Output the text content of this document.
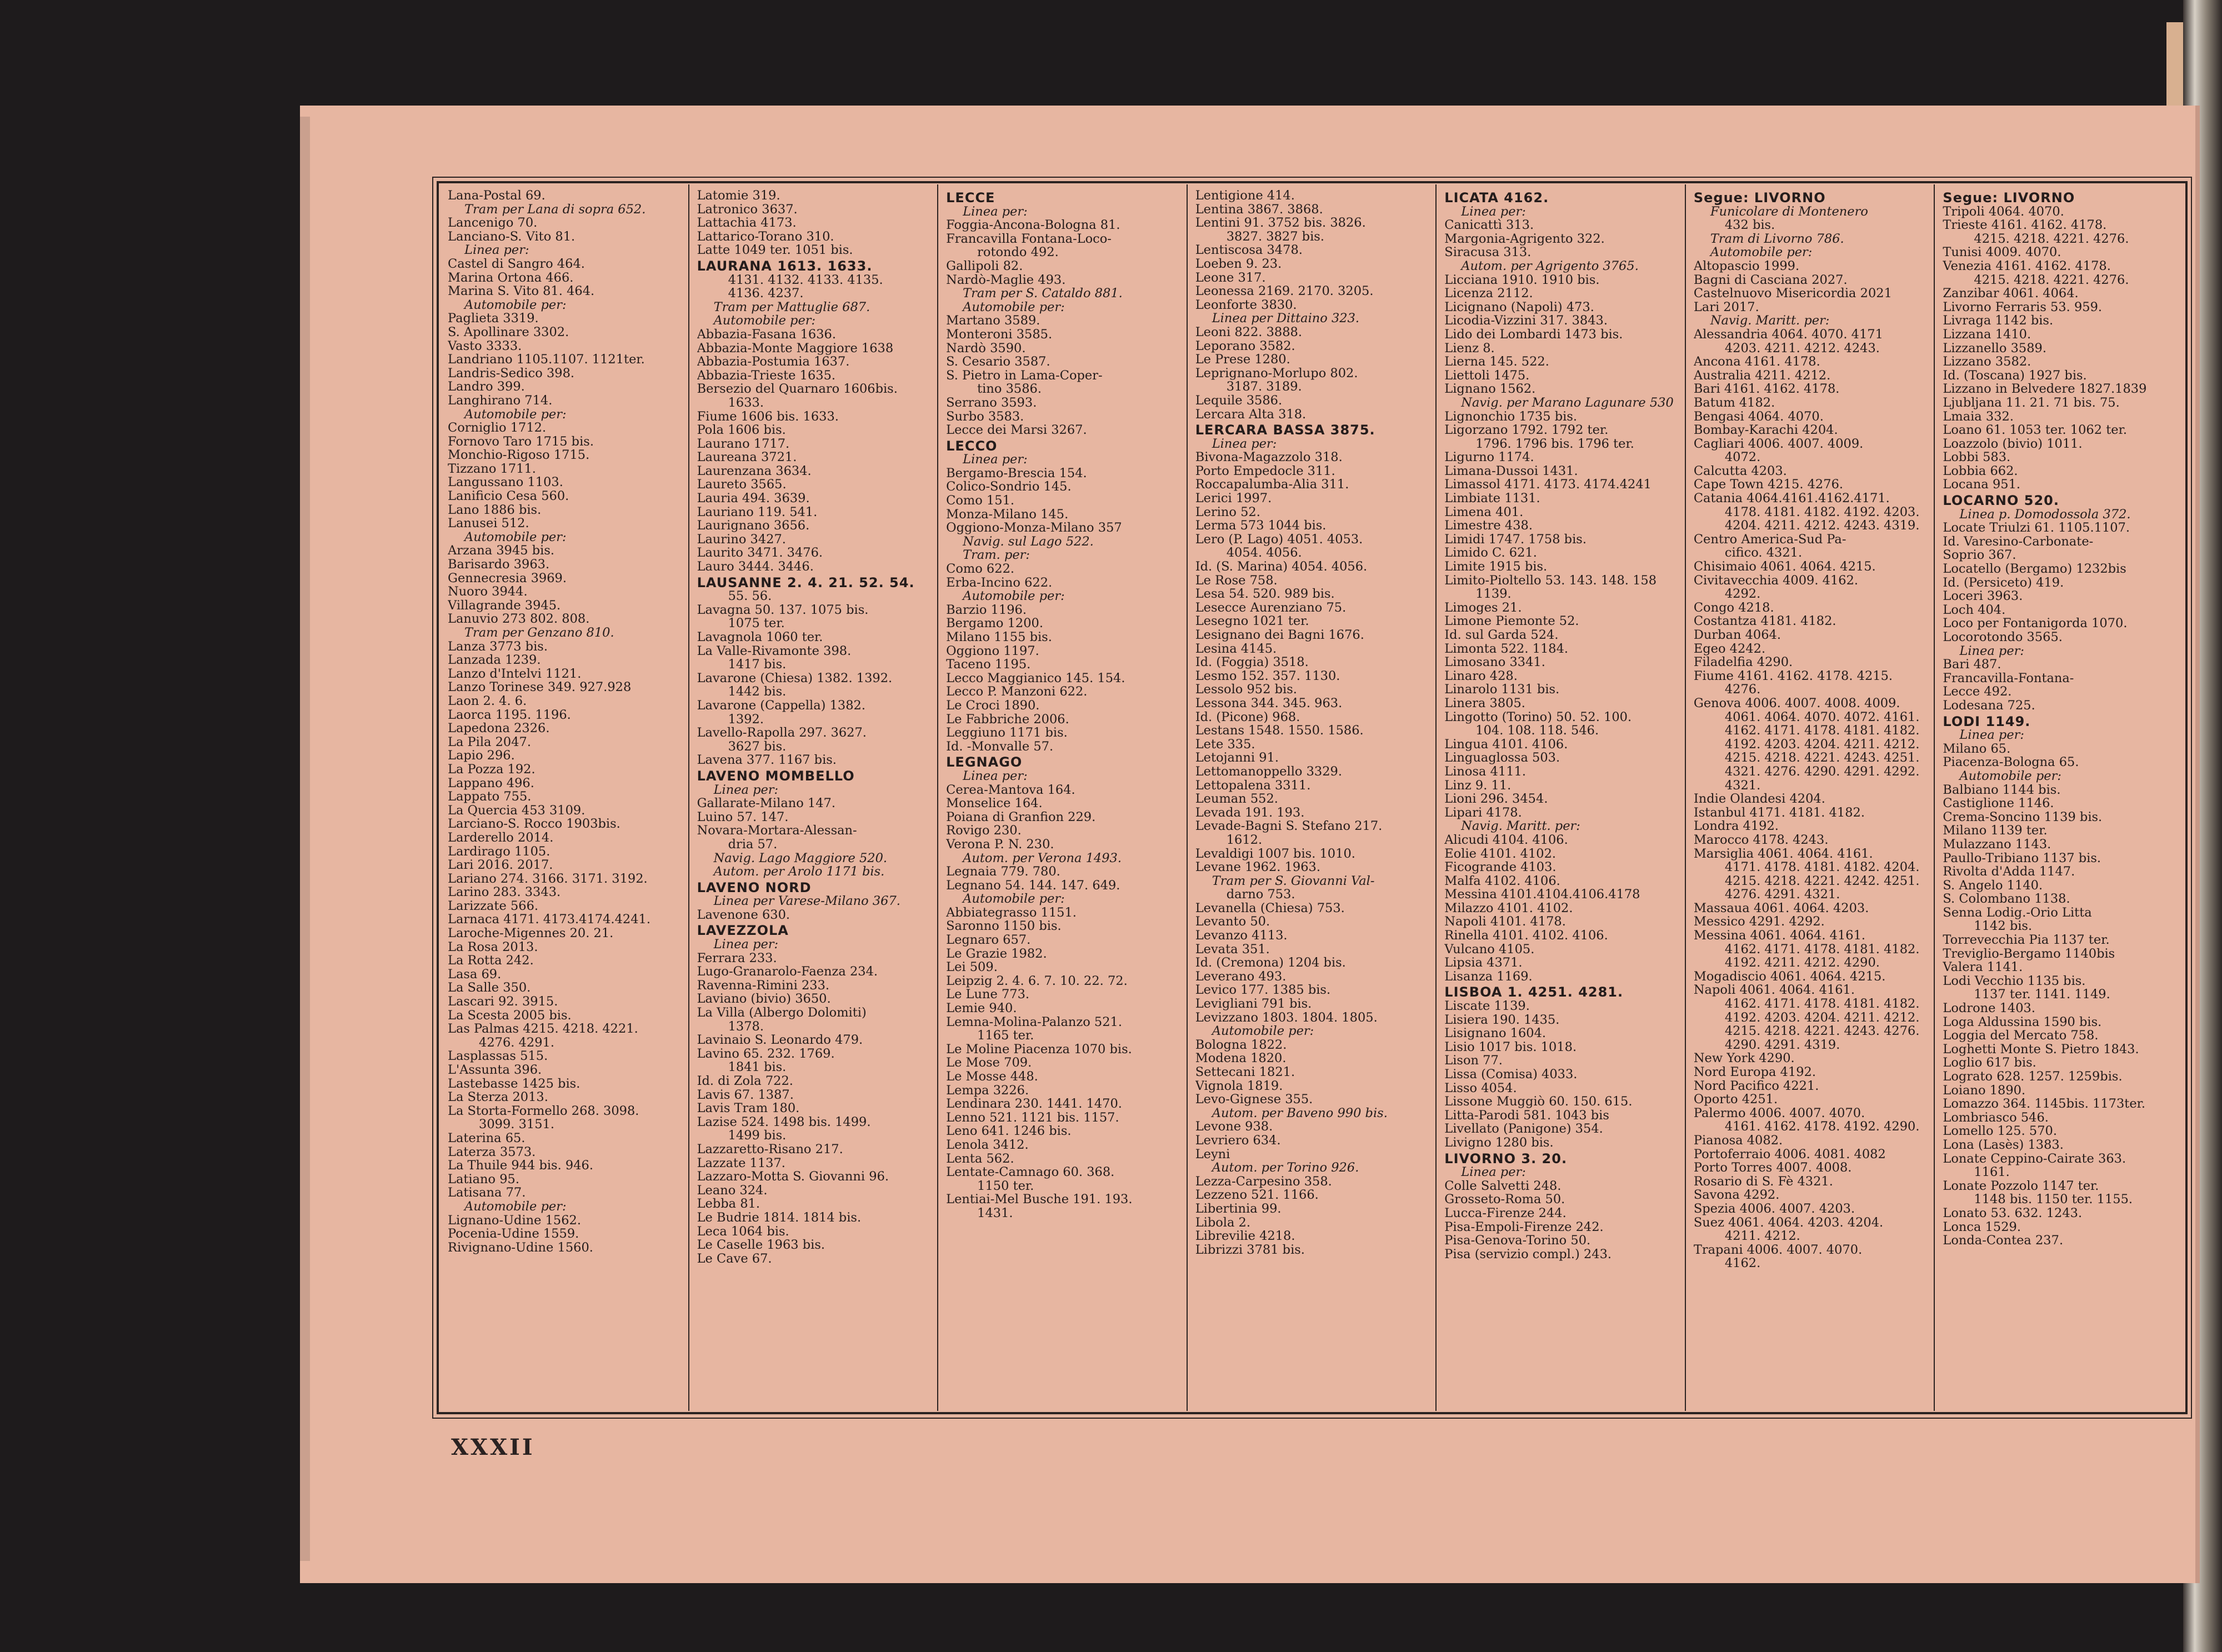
Lana-Postal 69.
Tram per Lana di sopra 652.
Lancenigo 70.
Lanciano-S. Vito 81.
Linea per:
Castel di Sangro 464.
Marina Ortona 466.
Marina S. Vito 81. 464.
Automobile per:
Paglieta 3319.
S. Apollinare 3302.
Vasto 3333.
Landriano 1105.1107. 1121ter.
Landris-Sedico 398.
Landro 399.
Langhirano 714.
Automobile per:
Corniglio 1712.
Fornovo Taro 1715 bis.
Monchio-Rigoso 1715.
Tizzano 1711.
Langussano 1103.
Lanificio Cesa 560.
Lano 1886 bis.
Lanusei 512.
Automobile per:
Arzana 3945 bis.
Barisardo 3963.
Gennecresia 3969.
Nuoro 3944.
Villagrande 3945.
Lanuvio 273 802. 808.
Tram per Genzano 810.
Lanza 3773 bis.
Lanzada 1239.
Lanzo d'Intelvi 1121.
Lanzo Torinese 349. 927.928
Laon 2. 4. 6.
Laorca 1195. 1196.
Lapedona 2326.
La Pila 2047.
Lapio 296.
La Pozza 192.
Lappano 496.
Lappato 755.
La Quercia 453 3109.
Larciano-S. Rocco 1903bis.
Larderello 2014.
Lardirago 1105.
Lari 2016. 2017.
Lariano 274. 3166. 3171. 3192.
Larino 283. 3343.
Larizzate 566.
Larnaca 4171. 4173.4174.4241.
Laroche-Migennes 20. 21.
La Rosa 2013.
La Rotta 242.
Lasa 69.
La Salle 350.
Lascari 92. 3915.
La Scesta 2005 bis.
Las Palmas 4215. 4218. 4221.
4276. 4291.
Lasplassas 515.
L'Assunta 396.
Lastebasse 1425 bis.
La Sterza 2013.
La Storta-Formello 268. 3098.
3099. 3151.
Laterina 65.
Laterza 3573.
La Thuile 944 bis. 946.
Latiano 95.
Latisana 77.
Automobile per:
Lignano-Udine 1562.
Pocenia-Udine 1559.
Rivignano-Udine 1560.
Latomie 319.
Latronico 3637.
Lattachia 4173.
Lattarico-Torano 310.
Latte 1049 ter. 1051 bis.
LAURANA 1613. 1633.
4131. 4132. 4133. 4135.
4136. 4237.
Tram per Mattuglie 687.
Automobile per:
Abbazia-Fasana 1636.
Abbazia-Monte Maggiore 1638
Abbazia-Postumia 1637.
Abbazia-Trieste 1635.
Bersezio del Quarnaro 1606bis.
1633.
Fiume 1606 bis. 1633.
Pola 1606 bis.
Laurano 1717.
Laureana 3721.
Laurenzana 3634.
Laureto 3565.
Lauria 494. 3639.
Lauriano 119. 541.
Laurignano 3656.
Laurino 3427.
Laurito 3471. 3476.
Lauro 3444. 3446.
LAUSANNE 2. 4. 21. 52. 54.
55. 56.
Lavagna 50. 137. 1075 bis.
1075 ter.
Lavagnola 1060 ter.
La Valle-Rivamonte 398.
1417 bis.
Lavarone (Chiesa) 1382. 1392.
1442 bis.
Lavarone (Cappella) 1382.
1392.
Lavello-Rapolla 297. 3627.
3627 bis.
Lavena 377. 1167 bis.
LAVENO MOMBELLO
Linea per:
Gallarate-Milano 147.
Luino 57. 147.
Novara-Mortara-Alessan-
dria 57.
Navig. Lago Maggiore 520.
Autom. per Arolo 1171 bis.
LAVENO NORD
Linea per Varese-Milano 367.
Lavenone 630.
LAVEZZOLA
Linea per:
Ferrara 233.
Lugo-Granarolo-Faenza 234.
Ravenna-Rimini 233.
Laviano (bivio) 3650.
La Villa (Albergo Dolomiti)
1378.
Lavinaio S. Leonardo 479.
Lavino 65. 232. 1769.
1841 bis.
Id. di Zola 722.
Lavis 67. 1387.
Lavis Tram 180.
Lazise 524. 1498 bis. 1499.
1499 bis.
Lazzaretto-Risano 217.
Lazzate 1137.
Lazzaro-Motta S. Giovanni 96.
Leano 324.
Lebba 81.
Le Budrie 1814. 1814 bis.
Leca 1064 bis.
Le Caselle 1963 bis.
Le Cave 67.
LECCE
Linea per:
Foggia-Ancona-Bologna 81.
Francavilla Fontana-Loco-
rotondo 492.
Gallipoli 82.
Nardò-Maglie 493.
Tram per S. Cataldo 881.
Automobile per:
Martano 3589.
Monteroni 3585.
Nardò 3590.
S. Cesario 3587.
S. Pietro in Lama-Coper-
tino 3586.
Serrano 3593.
Surbo 3583.
Lecce dei Marsi 3267.
LECCO
Linea per:
Bergamo-Brescia 154.
Colico-Sondrio 145.
Como 151.
Monza-Milano 145.
Oggiono-Monza-Milano 357
Navig. sul Lago 522.
Tram. per:
Como 622.
Erba-Incino 622.
Automobile per:
Barzio 1196.
Bergamo 1200.
Milano 1155 bis.
Oggiono 1197.
Taceno 1195.
Lecco Maggianico 145. 154.
Lecco P. Manzoni 622.
Le Croci 1890.
Le Fabbriche 2006.
Leggiuno 1171 bis.
Id. -Monvalle 57.
LEGNAGO
Linea per:
Cerea-Mantova 164.
Monselice 164.
Poiana di Granfion 229.
Rovigo 230.
Verona P. N. 230.
Autom. per Verona 1493.
Legnaia 779. 780.
Legnano 54. 144. 147. 649.
Automobile per:
Abbiategrasso 1151.
Saronno 1150 bis.
Legnaro 657.
Le Grazie 1982.
Lei 509.
Leipzig 2. 4. 6. 7. 10. 22. 72.
Le Lune 773.
Lemie 940.
Lemna-Molina-Palanzo 521.
1165 ter.
Le Moline Piacenza 1070 bis.
Le Mose 709.
Le Mosse 448.
Lempa 3226.
Lendinara 230. 1441. 1470.
Lenno 521. 1121 bis. 1157.
Leno 641. 1246 bis.
Lenola 3412.
Lenta 562.
Lentate-Camnago 60. 368.
1150 ter.
Lentiai-Mel Busche 191. 193.
1431.
Lentigione 414.
Lentina 3867. 3868.
Lentini 91. 3752 bis. 3826.
3827. 3827 bis.
Lentiscosa 3478.
Loeben 9. 23.
Leone 317.
Leonessa 2169. 2170. 3205.
Leonforte 3830.
Linea per Dittaino 323.
Leoni 822. 3888.
Leporano 3582.
Le Prese 1280.
Leprignano-Morlupo 802.
3187. 3189.
Lequile 3586.
Lercara Alta 318.
LERCARA BASSA 3875.
Linea per:
Bivona-Magazzolo 318.
Porto Empedocle 311.
Roccapalumba-Alia 311.
Lerici 1997.
Lerino 52.
Lerma 573 1044 bis.
Lero (P. Lago) 4051. 4053.
4054. 4056.
Id. (S. Marina) 4054. 4056.
Le Rose 758.
Lesa 54. 520. 989 bis.
Lesecce Aurenziano 75.
Lesegno 1021 ter.
Lesignano dei Bagni 1676.
Lesina 4145.
Id. (Foggia) 3518.
Lesmo 152. 357. 1130.
Lessolo 952 bis.
Lessona 344. 345. 963.
Id. (Picone) 968.
Lestans 1548. 1550. 1586.
Lete 335.
Letojanni 91.
Lettomanoppello 3329.
Lettopalena 3311.
Leuman 552.
Levada 191. 193.
Levade-Bagni S. Stefano 217.
1612.
Levaldigi 1007 bis. 1010.
Levane 1962. 1963.
Tram per S. Giovanni Val-
darno 753.
Levanella (Chiesa) 753.
Levanto 50.
Levanzo 4113.
Levata 351.
Id. (Cremona) 1204 bis.
Leverano 493.
Levico 177. 1385 bis.
Levigliani 791 bis.
Levizzano 1803. 1804. 1805.
Automobile per:
Bologna 1822.
Modena 1820.
Settecani 1821.
Vignola 1819.
Levo-Gignese 355.
Autom. per Baveno 990 bis.
Levone 938.
Levriero 634.
Leyni
Autom. per Torino 926.
Lezza-Carpesino 358.
Lezzeno 521. 1166.
Libertinia 99.
Libola 2.
Librevilie 4218.
Librizzi 3781 bis.
LICATA 4162.
Linea per:
Canicattì 313.
Margonia-Agrigento 322.
Siracusa 313.
Autom. per Agrigento 3765.
Licciana 1910. 1910 bis.
Licenza 2112.
Licignano (Napoli) 473.
Licodia-Vizzini 317. 3843.
Lido dei Lombardi 1473 bis.
Lienz 8.
Lierna 145. 522.
Liettoli 1475.
Lignano 1562.
Navig. per Marano Lagunare 530
Lignonchio 1735 bis.
Ligorzano 1792. 1792 ter.
1796. 1796 bis. 1796 ter.
Ligurno 1174.
Limana-Dussoi 1431.
Limassol 4171. 4173. 4174.4241
Limbiate 1131.
Limena 401.
Limestre 438.
Limidi 1747. 1758 bis.
Limido C. 621.
Limite 1915 bis.
Limito-Pioltello 53. 143. 148. 158
1139.
Limoges 21.
Limone Piemonte 52.
Id. sul Garda 524.
Limonta 522. 1184.
Limosano 3341.
Linaro 428.
Linarolo 1131 bis.
Linera 3805.
Lingotto (Torino) 50. 52. 100.
104. 108. 118. 546.
Lingua 4101. 4106.
Linguaglossa 503.
Linosa 4111.
Linz 9. 11.
Lioni 296. 3454.
Lipari 4178.
Navig. Maritt. per:
Alicudi 4104. 4106.
Eolie 4101. 4102.
Ficogrande 4103.
Malfa 4102. 4106.
Messina 4101.4104.4106.4178
Milazzo 4101. 4102.
Napoli 4101. 4178.
Rinella 4101. 4102. 4106.
Vulcano 4105.
Lipsia 4371.
Lisanza 1169.
LISBOA 1. 4251. 4281.
Liscate 1139.
Lisiera 190. 1435.
Lisignano 1604.
Lisio 1017 bis. 1018.
Lison 77.
Lissa (Comisa) 4033.
Lisso 4054.
Lissone Muggiò 60. 150. 615.
Litta-Parodi 581. 1043 bis
Livellato (Panigone) 354.
Livigno 1280 bis.
LIVORNO 3. 20.
Linea per:
Colle Salvetti 248.
Grosseto-Roma 50.
Lucca-Firenze 244.
Pisa-Empoli-Firenze 242.
Pisa-Genova-Torino 50.
Pisa (servizio compl.) 243.
Segue: LIVORNO
Funicolare di Montenero
432 bis.
Tram di Livorno 786.
Automobile per:
Altopascio 1999.
Bagni di Casciana 2027.
Castelnuovo Misericordia 2021
Lari 2017.
Navig. Maritt. per:
Alessandria 4064. 4070. 4171
4203. 4211. 4212. 4243.
Ancona 4161. 4178.
Australia 4211. 4212.
Bari 4161. 4162. 4178.
Batum 4182.
Bengasi 4064. 4070.
Bombay-Karachi 4204.
Cagliari 4006. 4007. 4009.
4072.
Calcutta 4203.
Cape Town 4215. 4276.
Catania 4064.4161.4162.4171.
4178. 4181. 4182. 4192. 4203.
4204. 4211. 4212. 4243. 4319.
Centro America-Sud Pa-
cifico. 4321.
Chisimaio 4061. 4064. 4215.
Civitavecchia 4009. 4162.
4292.
Congo 4218.
Costantza 4181. 4182.
Durban 4064.
Egeo 4242.
Filadelfia 4290.
Fiume 4161. 4162. 4178. 4215.
4276.
Genova 4006. 4007. 4008. 4009.
4061. 4064. 4070. 4072. 4161.
4162. 4171. 4178. 4181. 4182.
4192. 4203. 4204. 4211. 4212.
4215. 4218. 4221. 4243. 4251.
4321. 4276. 4290. 4291. 4292.
4321.
Indie Olandesi 4204.
Istanbul 4171. 4181. 4182.
Londra 4192.
Marocco 4178. 4243.
Marsiglia 4061. 4064. 4161.
4171. 4178. 4181. 4182. 4204.
4215. 4218. 4221. 4242. 4251.
4276. 4291. 4321.
Massaua 4061. 4064. 4203.
Messico 4291. 4292.
Messina 4061. 4064. 4161.
4162. 4171. 4178. 4181. 4182.
4192. 4211. 4212. 4290.
Mogadiscio 4061. 4064. 4215.
Napoli 4061. 4064. 4161.
4162. 4171. 4178. 4181. 4182.
4192. 4203. 4204. 4211. 4212.
4215. 4218. 4221. 4243. 4276.
4290. 4291. 4319.
New York 4290.
Nord Europa 4192.
Nord Pacifico 4221.
Oporto 4251.
Palermo 4006. 4007. 4070.
4161. 4162. 4178. 4192. 4290.
Pianosa 4082.
Portoferraio 4006. 4081. 4082
Porto Torres 4007. 4008.
Rosario di S. Fè 4321.
Savona 4292.
Spezia 4006. 4007. 4203.
Suez 4061. 4064. 4203. 4204.
4211. 4212.
Trapani 4006. 4007. 4070.
4162.
Segue: LIVORNO
Tripoli 4064. 4070.
Trieste 4161. 4162. 4178.
4215. 4218. 4221. 4276.
Tunisi 4009. 4070.
Venezia 4161. 4162. 4178.
4215. 4218. 4221. 4276.
Zanzibar 4061. 4064.
Livorno Ferraris 53. 959.
Livraga 1142 bis.
Lizzana 1410.
Lizzanello 3589.
Lizzano 3582.
Id. (Toscana) 1927 bis.
Lizzano in Belvedere 1827.1839
Ljubljana 11. 21. 71 bis. 75.
Lmaia 332.
Loano 61. 1053 ter. 1062 ter.
Loazzolo (bivio) 1011.
Lobbi 583.
Lobbia 662.
Locana 951.
LOCARNO 520.
Linea p. Domodossola 372.
Locate Triulzi 61. 1105.1107.
Id. Varesino-Carbonate-
Soprio 367.
Locatello (Bergamo) 1232bis
Id. (Persiceto) 419.
Loceri 3963.
Loch 404.
Loco per Fontanigorda 1070.
Locorotondo 3565.
Linea per:
Bari 487.
Francavilla-Fontana-
Lecce 492.
Lodesana 725.
LODI 1149.
Linea per:
Milano 65.
Piacenza-Bologna 65.
Automobile per:
Balbiano 1144 bis.
Castiglione 1146.
Crema-Soncino 1139 bis.
Milano 1139 ter.
Mulazzano 1143.
Paullo-Tribiano 1137 bis.
Rivolta d'Adda 1147.
S. Angelo 1140.
S. Colombano 1138.
Senna Lodig.-Orio Litta
1142 bis.
Torrevecchia Pia 1137 ter.
Treviglio-Bergamo 1140bis
Valera 1141.
Lodi Vecchio 1135 bis.
1137 ter. 1141. 1149.
Lodrone 1403.
Loga Aldussina 1590 bis.
Loggia del Mercato 758.
Loghetti Monte S. Pietro 1843.
Loglio 617 bis.
Lograto 628. 1257. 1259bis.
Loiano 1890.
Lomazzo 364. 1145bis. 1173ter.
Lombriasco 546.
Lomello 125. 570.
Lona (Lasès) 1383.
Lonate Ceppino-Cairate 363.
1161.
Lonate Pozzolo 1147 ter.
1148 bis. 1150 ter. 1155.
Lonato 53. 632. 1243.
Lonca 1529.
Londa-Contea 237.
XXXII
